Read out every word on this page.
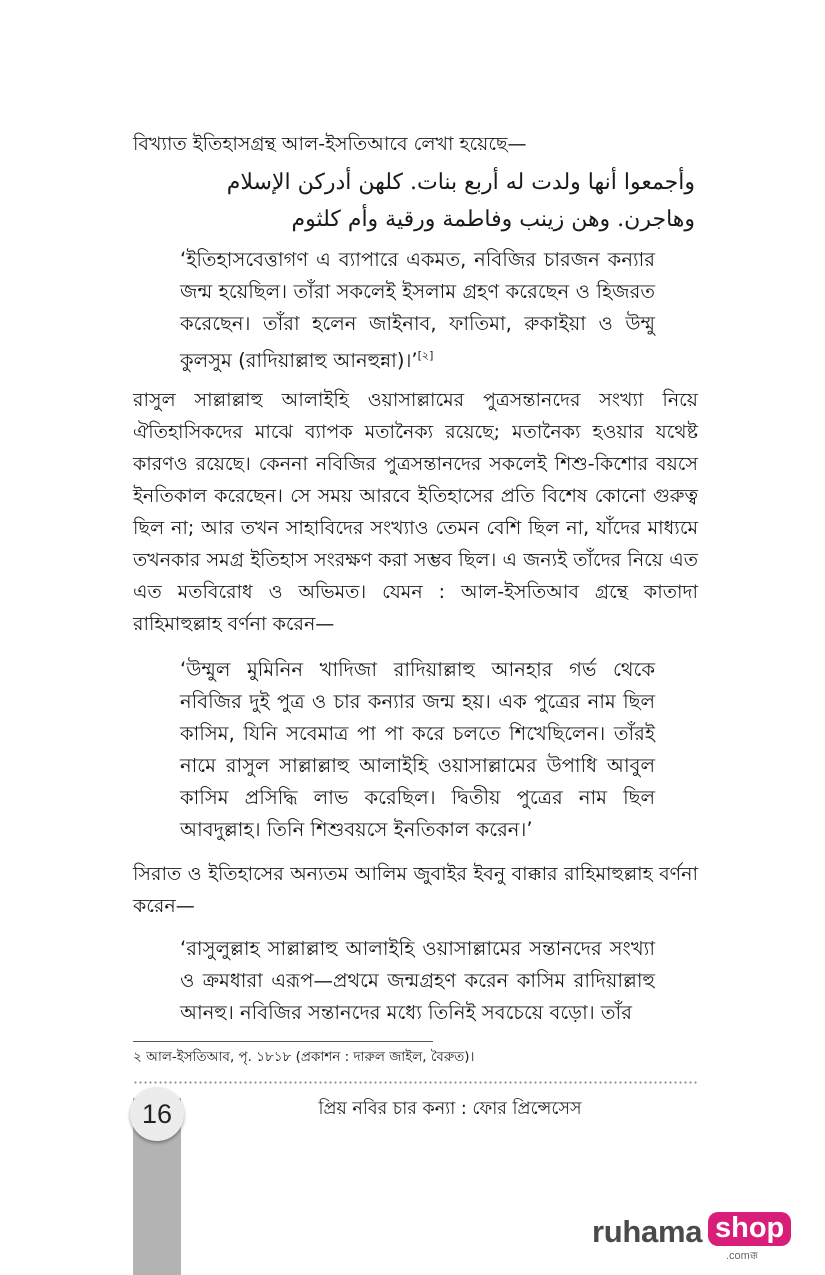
বিখ্যাত ইতিহাসগ্রন্থ আল-ইসতিআবে লেখা হয়েছে—

وأجمعوا أنها ولدت له أربع بنات. كلهن أدركن الإسلام
وهاجرن. وهن زينب وفاطمة ورقية وأم كلثوم

‘ইতিহাসবেত্তাগণ এ ব্যাপারে একমত, নবিজির চারজন কন্যার জন্ম হয়েছিল। তাঁরা সকলেই ইসলাম গ্রহণ করেছেন ও হিজরত করেছেন। তাঁরা হলেন জাইনাব, ফাতিমা, রুকাইয়া ও উম্মু কুলসুম (রাদিয়াল্লাহু আনহুন্না)।’[২]

রাসুল সাল্লাল্লাহু আলাইহি ওয়াসাল্লামের পুত্রসন্তানদের সংখ্যা নিয়ে ঐতিহাসিকদের মাঝে ব্যাপক মতানৈক্য রয়েছে; মতানৈক্য হওয়ার যথেষ্ট কারণও রয়েছে। কেননা নবিজির পুত্রসন্তানদের সকলেই শিশু-কিশোর বয়সে ইনতিকাল করেছেন। সে সময় আরবে ইতিহাসের প্রতি বিশেষ কোনো গুরুত্ব ছিল না; আর তখন সাহাবিদের সংখ্যাও তেমন বেশি ছিল না, যাঁদের মাধ্যমে তখনকার সমগ্র ইতিহাস সংরক্ষণ করা সম্ভব ছিল। এ জন্যই তাঁদের নিয়ে এত এত মতবিরোধ ও অভিমত। যেমন : আল-ইসতিআব গ্রন্থে কাতাদা রাহিমাহুল্লাহ বর্ণনা করেন—

‘উম্মুল মুমিনিন খাদিজা রাদিয়াল্লাহু আনহার গর্ভ থেকে নবিজির দুই পুত্র ও চার কন্যার জন্ম হয়। এক পুত্রের নাম ছিল কাসিম, যিনি সবেমাত্র পা পা করে চলতে শিখেছিলেন। তাঁরই নামে রাসুল সাল্লাল্লাহু আলাইহি ওয়াসাল্লামের উপাধি আবুল কাসিম প্রসিদ্ধি লাভ করেছিল। দ্বিতীয় পুত্রের নাম ছিল আবদুল্লাহ। তিনি শিশুবয়সে ইনতিকাল করেন।’

সিরাত ও ইতিহাসের অন্যতম আলিম জুবাইর ইবনু বাক্কার রাহিমাহুল্লাহ বর্ণনা করেন—

‘রাসুলুল্লাহ সাল্লাল্লাহু আলাইহি ওয়াসাল্লামের সন্তানদের সংখ্যা ও ক্রমধারা এরূপ—প্রথমে জন্মগ্রহণ করেন কাসিম রাদিয়াল্লাহু আনহু। নবিজির সন্তানদের মধ্যে তিনিই সবচেয়ে বড়ো। তাঁর

২ আল-ইসতিআব, পৃ. ১৮১৮ (প্রকাশন : দারুল জাইল, বৈরুত)।
16	প্রিয় নবির চার কন্যা : ফোর প্রিন্সেসেস
ruhama shop
.comক্ক
